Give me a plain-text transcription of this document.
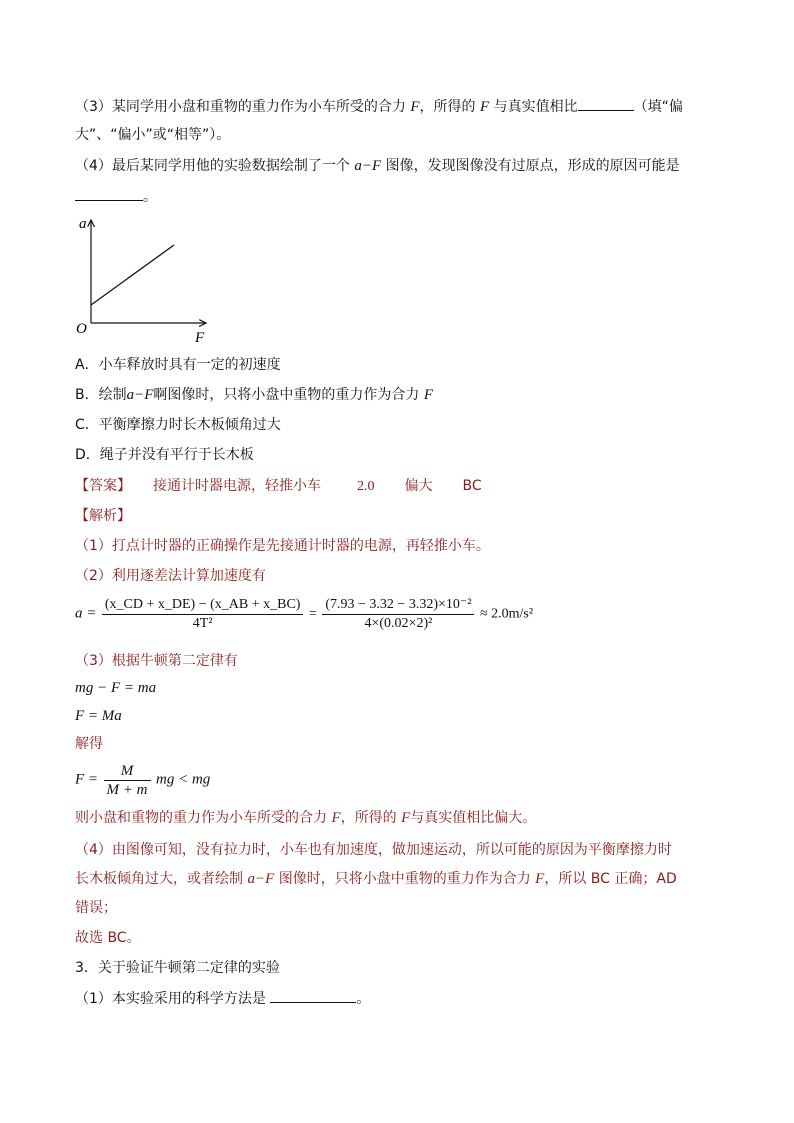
（3）某同学用小盘和重物的重力作为小车所受的合力 F，所得的 F 与真实值相比	（填“偏
大”、“偏小”或“相等”）。
（4）最后某同学用他的实验数据绘制了一个 a−F 图像，发现图像没有过原点，形成的原因可能是
。
a
F
O
A．小车释放时具有一定的初速度
B．绘制a−F啊图像时，只将小盘中重物的重力作为合力 F
C．平衡摩擦力时长木板倾角过大
D．绳子并没有平行于长木板
【答案】 接通计时器电源，轻推小车	2.0 偏大 BC
【解析】
（1）打点计时器的正确操作是先接通计时器的电源，再轻推小车。
（2）利用逐差法计算加速度有
$a = \frac{(x\_CD + x\_DE) - (x\_AB + x\_BC)}{\text{4T²}} = \frac{\text{(7.93 − 3.32 − 3.32)×10⁻²}}{\text{4×(0.02×2)²}} \approx 2.0m/s^2$
（3）根据牛顿第二定律有
mg − F = ma
F = Ma
解得
$F = \frac{M}{M + m}$ mg < mg
则小盘和重物的重力作为小车所受的合力 F，所得的 F与真实值相比偏大。
（4）由图像可知，没有拉力时，小车也有加速度，做加速运动，所以可能的原因为平衡摩擦力时
长木板倾角过大，或者绘制 a−F 图像时，只将小盘中重物的重力作为合力 F，所以 BC 正确；AD
错误；
故选 BC。
3．关于验证牛顿第二定律的实验
（1）本实验采用的科学方法是	。
